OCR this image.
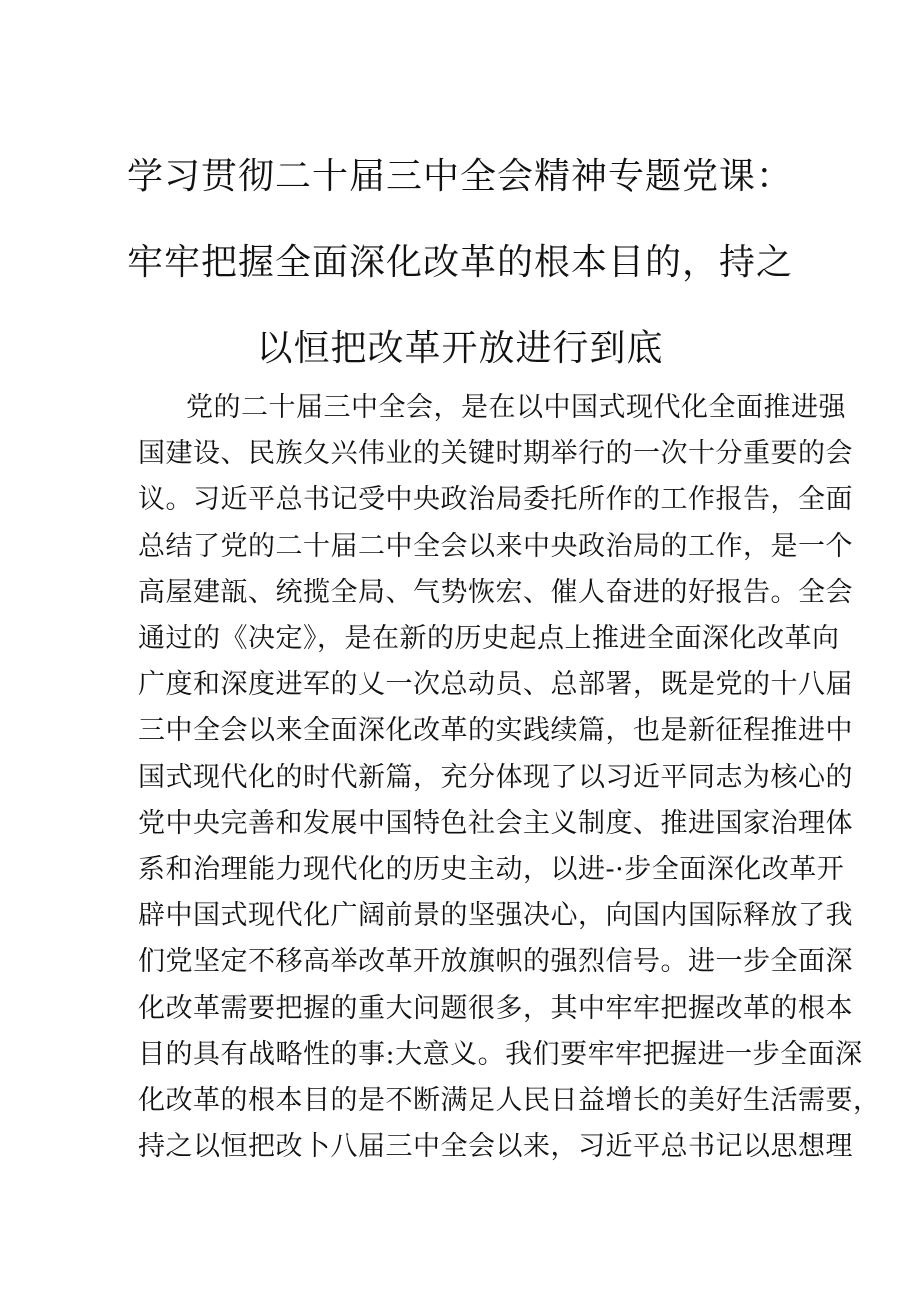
学习贯彻二十届三中全会精神专题党课：
牢牢把握全面深化改革的根本目的，持之
以恒把改革开放进行到底
党的二十届三中全会，是在以中国式现代化全面推进强
国建设、民族夂兴伟业的关键时期举行的一次十分重要的会
议。习近平总书记受中央政治局委托所作的工作报告，全面
总结了党的二十届二中全会以来中央政治局的工作，是一个
高屋建瓿、统揽全局、气势恢宏、催人奋进的好报告。全会
通过的《决定》，是在新的历史起点上推进全面深化改革向
广度和深度进军的乂一次总动员、总部署，既是党的十八届
三中全会以来全面深化改革的实践续篇，也是新征程推进中
国式现代化的时代新篇，充分体现了以习近平同志为核心的
党中央完善和发展中国特色社会主义制度、推进国家治理体
系和治理能力现代化的历史主动，以进-·步全面深化改革开
辟中国式现代化广阔前景的坚强决心，向国内国际释放了我
们党坚定不移高举改革开放旗帜的强烈信号。进一步全面深
化改革需要把握的重大问题很多，其中牢牢把握改革的根本
目的具有战略性的事:大意义。我们要牢牢把握进一步全面深
化改革的根本目的是不断满足人民日益增长的美好生活需要，
持之以恒把改卜八届三中全会以来，习近平总书记以思想理
